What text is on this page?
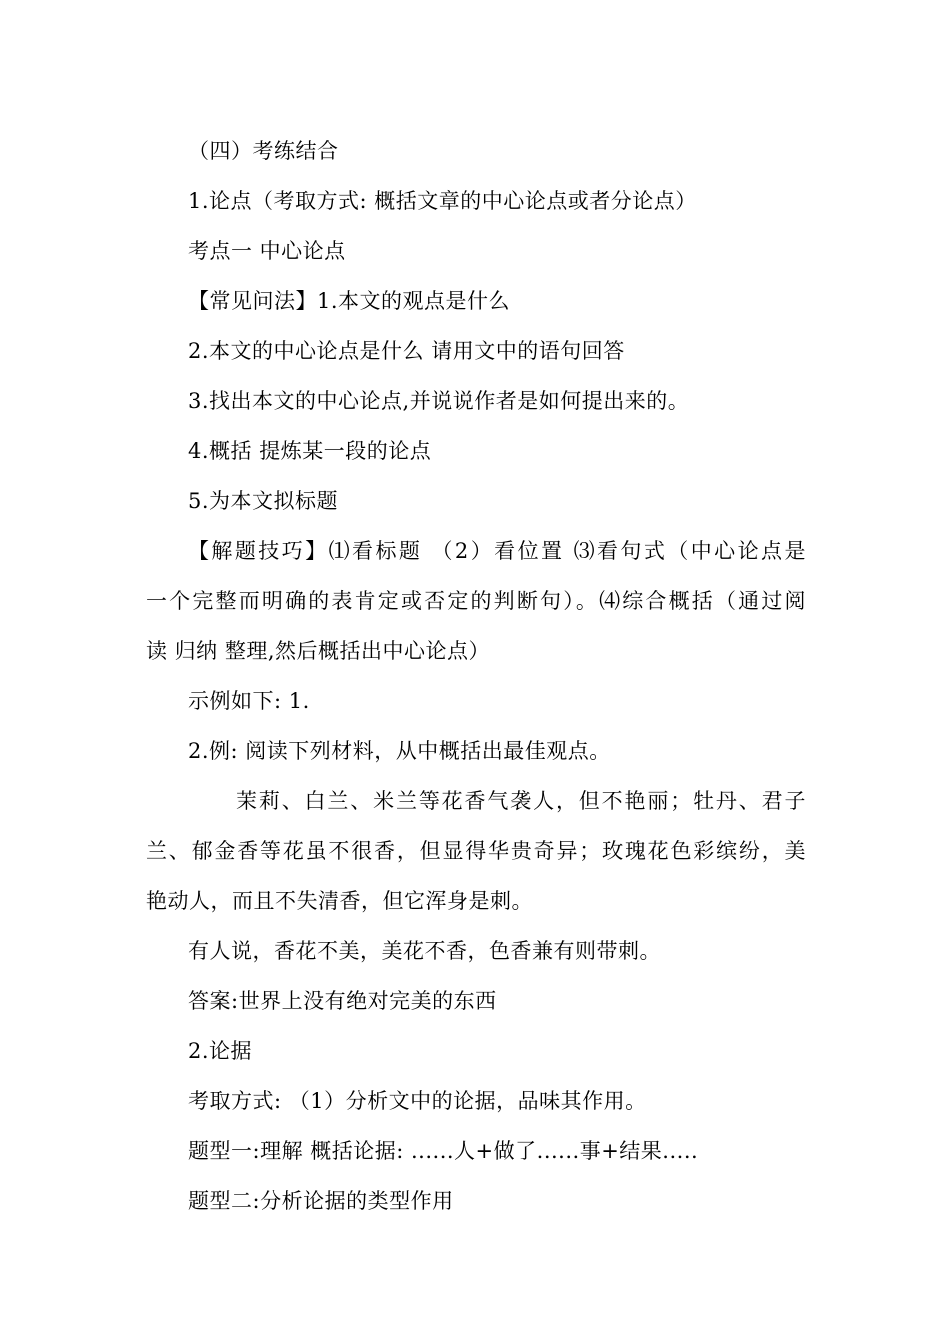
（四）考练结合
1.论点（考取方式: 概括文章的中心论点或者分论点）
考点一 中心论点
【常见问法】1.本文的观点是什么
2.本文的中心论点是什么 请用文中的语句回答
3.找出本文的中心论点,并说说作者是如何提出来的。
4.概括 提炼某一段的论点
5.为本文拟标题
【解题技巧】⑴看标题 （2）看位置 ⑶看句式（中心论点是
一个完整而明确的表肯定或否定的判断句）。⑷综合概括（通过阅
读 归纳 整理,然后概括出中心论点）
示例如下: 1.
2.例: 阅读下列材料，从中概括出最佳观点。
茉莉、白兰、米兰等花香气袭人，但不艳丽；牡丹、君子
兰、郁金香等花虽不很香，但显得华贵奇异；玫瑰花色彩缤纷，美
艳动人，而且不失清香，但它浑身是刺。
有人说，香花不美，美花不香，色香兼有则带刺。
答案:世界上没有绝对完美的东西
2.论据
考取方式: （1）分析文中的论据，品味其作用。
题型一:理解 概括论据: ......人+做了......事+结果.....
题型二:分析论据的类型作用
